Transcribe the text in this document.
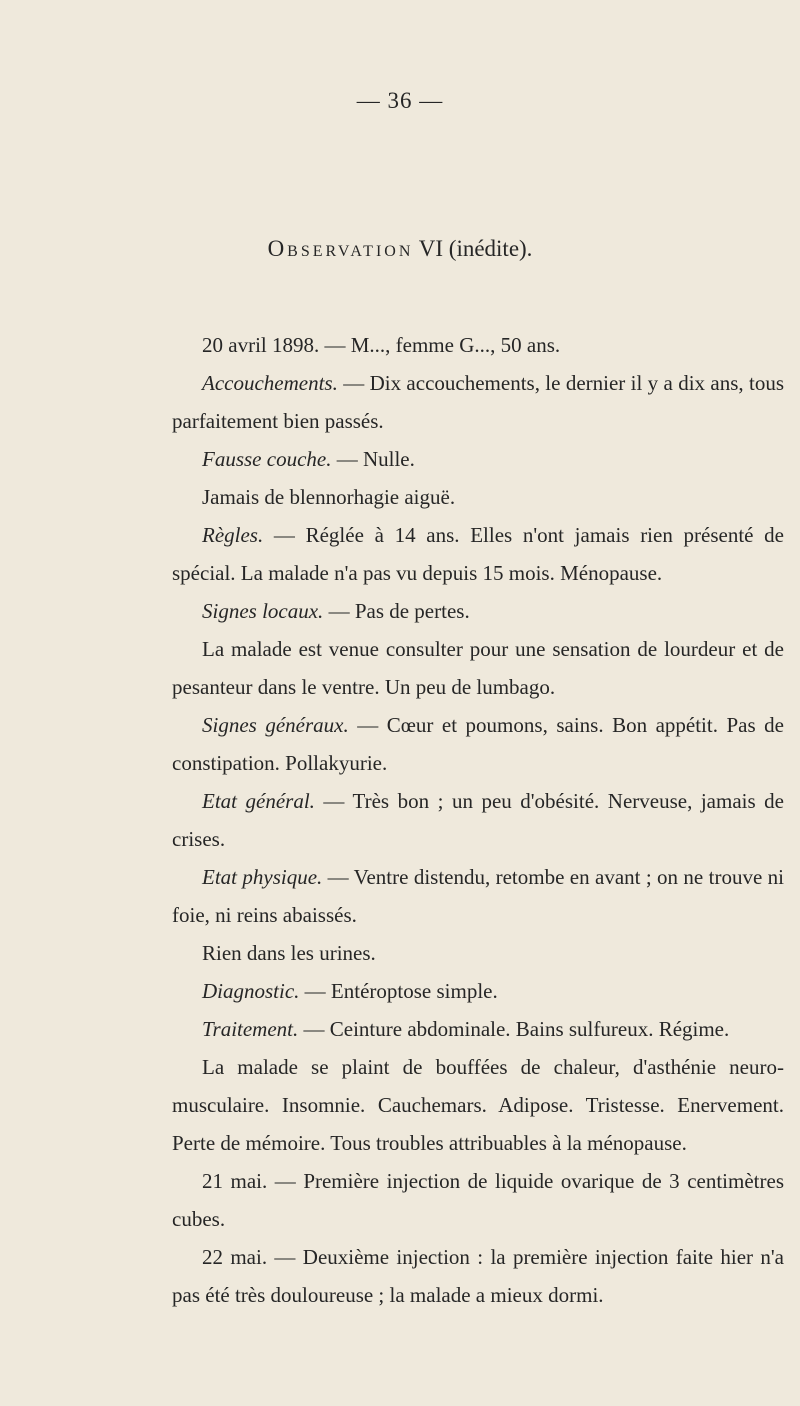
— 36 —
Observation VI (inédite).

20 avril 1898. — M..., femme G..., 50 ans.

Accouchements. — Dix accouchements, le dernier il y a dix ans, tous parfaitement bien passés.

Fausse couche. — Nulle.

Jamais de blennorhagie aiguë.

Règles. — Réglée à 14 ans. Elles n'ont jamais rien présenté de spécial. La malade n'a pas vu depuis 15 mois. Ménopause.

Signes locaux. — Pas de pertes.

La malade est venue consulter pour une sensation de lourdeur et de pesanteur dans le ventre. Un peu de lumbago.

Signes généraux. — Cœur et poumons, sains. Bon appétit. Pas de constipation. Pollakyurie.

Etat général. — Très bon ; un peu d'obésité. Nerveuse, jamais de crises.

Etat physique. — Ventre distendu, retombe en avant ; on ne trouve ni foie, ni reins abaissés.

Rien dans les urines.

Diagnostic. — Entéroptose simple.

Traitement. — Ceinture abdominale. Bains sulfureux. Régime.

La malade se plaint de bouffées de chaleur, d'asthénie neuro-musculaire. Insomnie. Cauchemars. Adipose. Tristesse. Enervement. Perte de mémoire. Tous troubles attribuables à la ménopause.

21 mai. — Première injection de liquide ovarique de 3 centimètres cubes.

22 mai. — Deuxième injection : la première injection faite hier n'a pas été très douloureuse ; la malade a mieux dormi.
